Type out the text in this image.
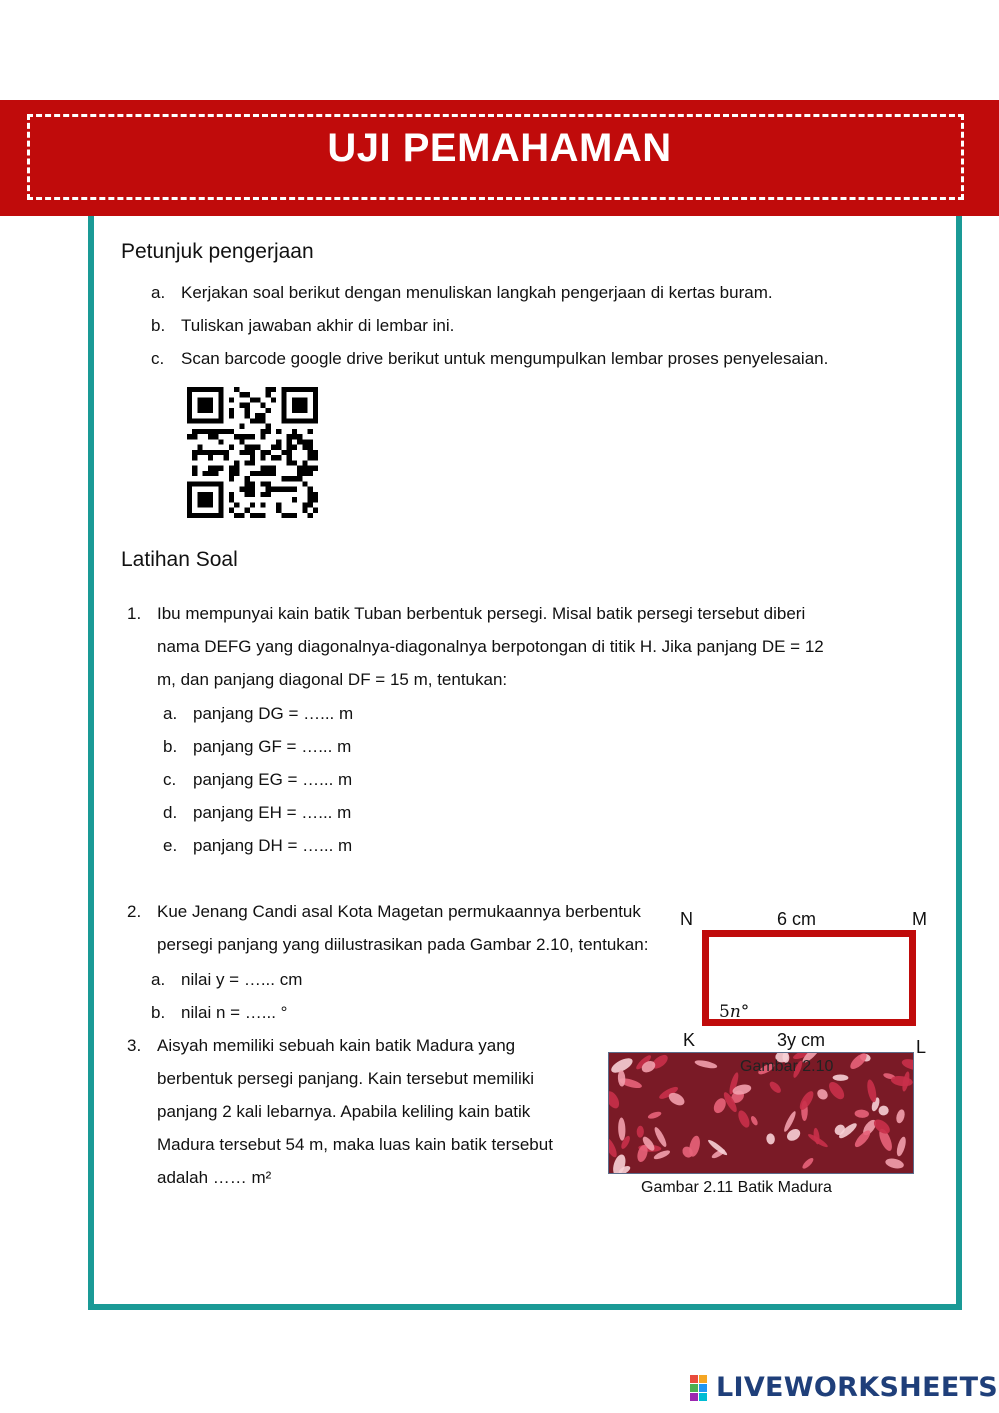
UJI PEMAHAMAN
Petunjuk pengerjaan
a. Kerjakan soal berikut dengan menuliskan langkah pengerjaan di kertas buram.
b. Tuliskan jawaban akhir di lembar ini.
c. Scan barcode google drive berikut untuk mengumpulkan lembar proses penyelesaian.
Latihan Soal
1. Ibu mempunyai kain batik Tuban berbentuk persegi. Misal batik persegi tersebut diberi
nama DEFG yang diagonalnya-diagonalnya berpotongan di titik H. Jika panjang DE = 12
m, dan panjang diagonal DF = 15 m, tentukan:
a. panjang DG = …... m
b. panjang GF = …... m
c. panjang EG = …... m
d. panjang EH = …... m
e. panjang DH = …... m
2. Kue Jenang Candi asal Kota Magetan permukaannya berbentuk
persegi panjang yang diilustrasikan pada Gambar 2.10, tentukan:
a. nilai y = …... cm
b. nilai n = …... °
3. Aisyah memiliki sebuah kain batik Madura yang
berbentuk persegi panjang. Kain tersebut memiliki
panjang 2 kali lebarnya. Apabila keliling kain batik
Madura tersebut 54 m, maka luas kain batik tersebut
adalah …… m²
N	M
K	L
6 cm
3y cm
5𝑛°
Gambar 2.10
Gambar 2.11 Batik Madura
LIVEWORKSHEETS
